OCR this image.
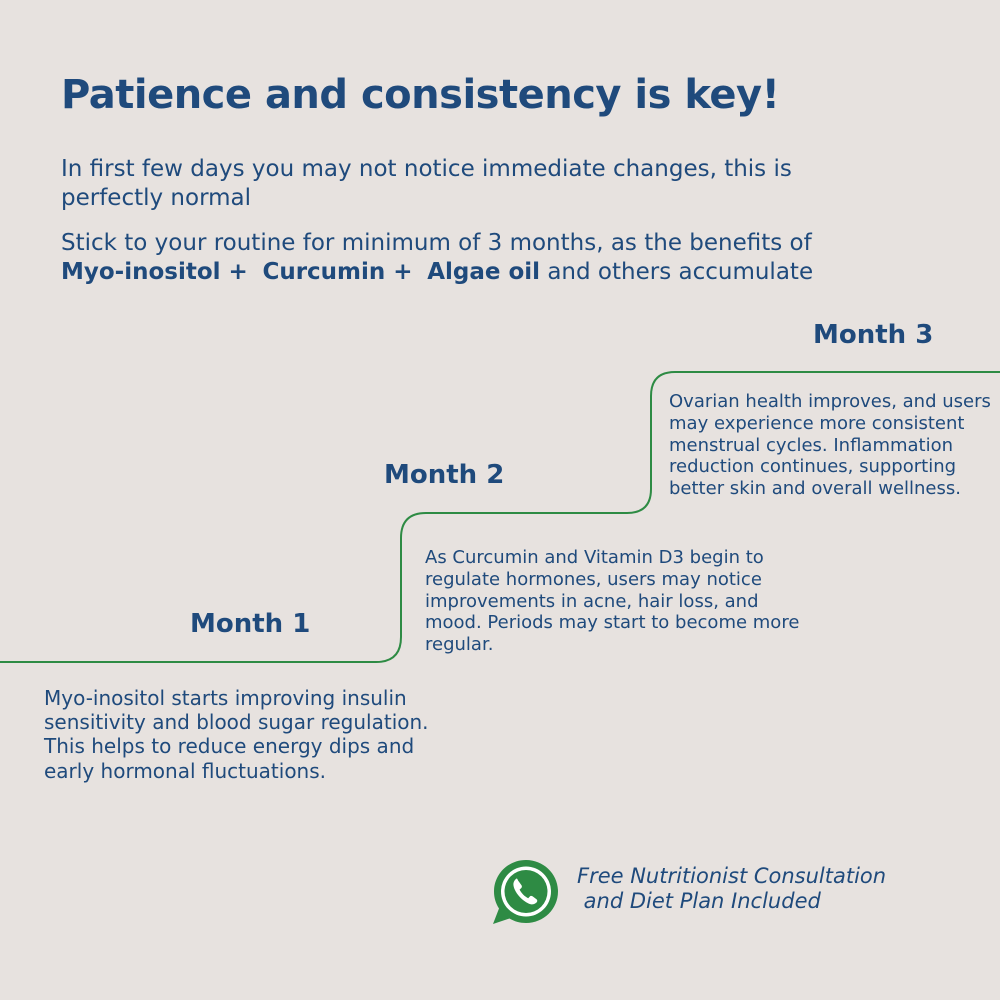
Patience and consistency is key!

In first few days you may not notice immediate changes, this is perfectly normal

Stick to your routine for minimum of 3 months, as the benefits of Myo-inositol + Curcumin + Algae oil and others accumulate

Month 1

Myo-inositol starts improving insulin sensitivity and blood sugar regulation. This helps to reduce energy dips and early hormonal fluctuations.

Month 2

As Curcumin and Vitamin D3 begin to regulate hormones, users may notice improvements in acne, hair loss, and mood. Periods may start to become more regular.

Month 3

Ovarian health improves, and users may experience more consistent menstrual cycles. Inflammation reduction continues, supporting better skin and overall wellness.

Free Nutritionist Consultation
and Diet Plan Included
